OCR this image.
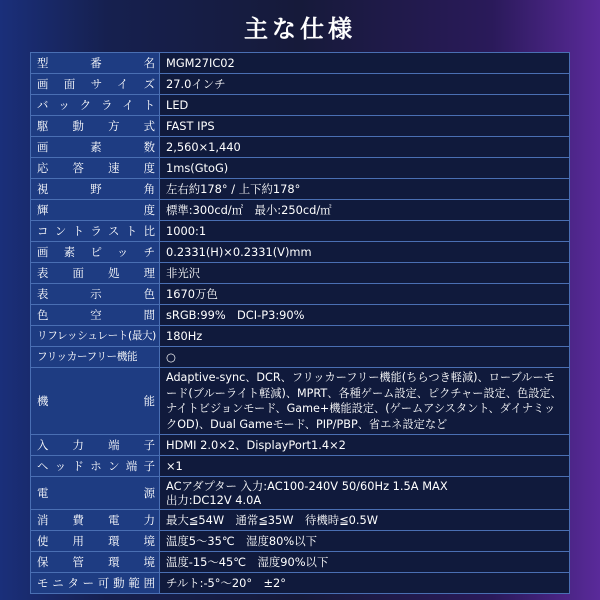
主な仕様
型番名	MGM27IC02

画面サイズ	27.0インチ

バックライト	LED

駆動方式	FAST IPS

画素数	2,560×1,440

応答速度	1ms(GtoG)

視野角	左右約178° / 上下約178°

輝度	標準:300cd/㎡　最小:250cd/㎡

コントラスト比	1000:1

画素ピッチ	0.2331(H)×0.2331(V)mm

表面処理	非光沢

表示色	1670万色

色空間	sRGB:99%　DCI-P3:90%

リフレッシュレート(最大)	180Hz

フリッカーフリー機能	○

機能	Adaptive-sync、DCR、フリッカーフリー機能(ちらつき軽減)、ローブルーモード(ブルーライト軽減)、MPRT、各種ゲーム設定、ピクチャー設定、色設定、ナイトビジョンモード、Game+機能設定、(ゲームアシスタント、ダイナミックOD)、Dual Gameモード、PIP/PBP、省エネ設定など

入力端子	HDMI 2.0×2、DisplayPort1.4×2

ヘッドホン端子	×1

電源	ACアダプター 入力:AC100-240V 50/60Hz 1.5A MAX
出力:DC12V 4.0A

消費電力	最大≦54W　通常≦35W　待機時≦0.5W

使用環境	温度5～35℃　湿度80%以下

保管環境	温度-15～45℃　湿度90%以下

モニター可動範囲	チルト:-5°～20°　±2°
